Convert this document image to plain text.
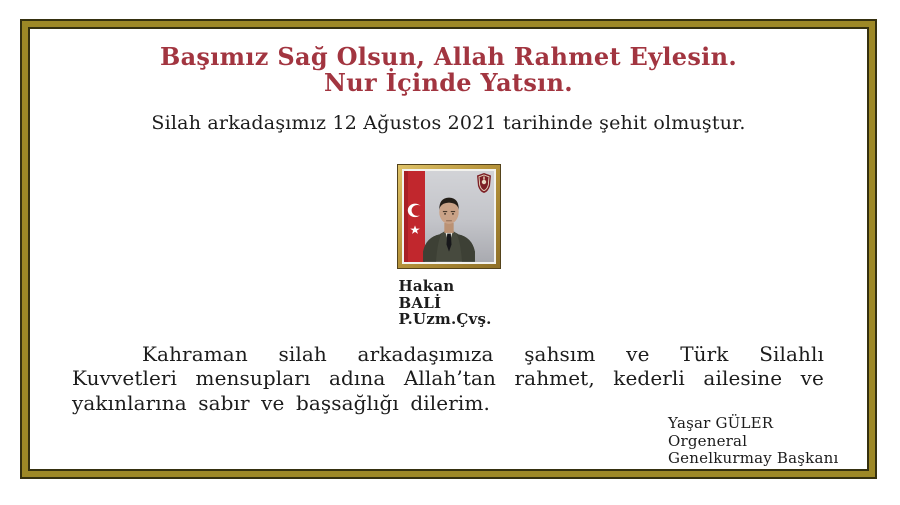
Başımız Sağ Olsun, Allah Rahmet Eylesin.
Nur İçinde Yatsın.
Silah arkadaşımız 12 Ağustos 2021 tarihinde şehit olmuştur.
Hakan BALİ
P.Uzm.Çvş.
Kahraman silah arkadaşımıza şahsım ve Türk Silahlı Kuvvetleri mensupları adına Allah’tan rahmet, kederli ailesine ve yakınlarına sabır ve başsağlığı dilerim.
Yaşar GÜLER
Orgeneral
Genelkurmay Başkanı
